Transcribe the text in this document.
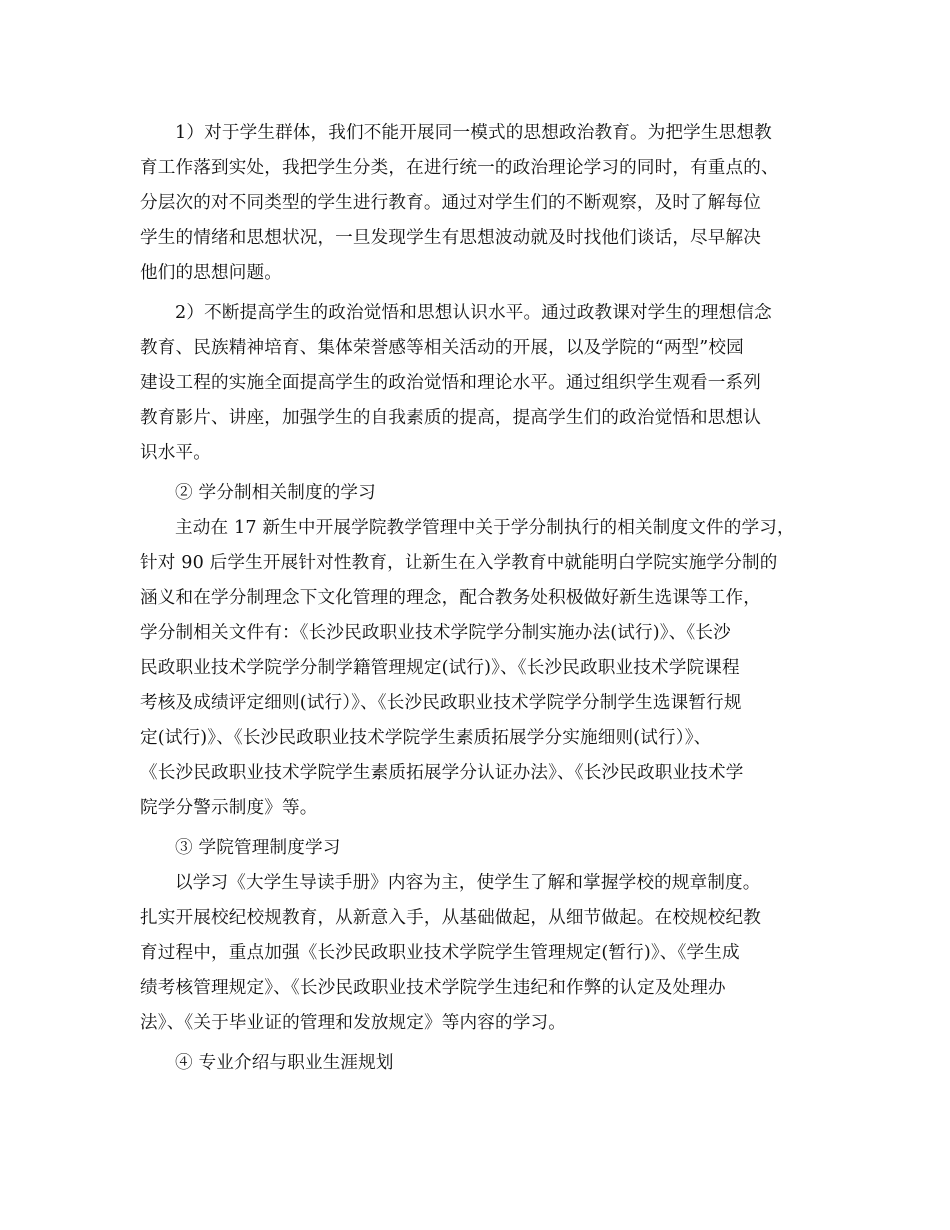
1）对于学生群体，我们不能开展同一模式的思想政治教育。为把学生思想教

育工作落到实处，我把学生分类，在进行统一的政治理论学习的同时，有重点的、

分层次的对不同类型的学生进行教育。通过对学生们的不断观察，及时了解每位

学生的情绪和思想状况，一旦发现学生有思想波动就及时找他们谈话，尽早解决

他们的思想问题。

2）不断提高学生的政治觉悟和思想认识水平。通过政教课对学生的理想信念

教育、民族精神培育、集体荣誉感等相关活动的开展，以及学院的“两型”校园

建设工程的实施全面提高学生的政治觉悟和理论水平。通过组织学生观看一系列

教育影片、讲座，加强学生的自我素质的提高，提高学生们的政治觉悟和思想认

识水平。

② 学分制相关制度的学习

主动在 17 新生中开展学院教学管理中关于学分制执行的相关制度文件的学习，

针对 90 后学生开展针对性教育，让新生在入学教育中就能明白学院实施学分制的

涵义和在学分制理念下文化管理的理念，配合教务处积极做好新生选课等工作，

学分制相关文件有：《长沙民政职业技术学院学分制实施办法(试行)》、《长沙

民政职业技术学院学分制学籍管理规定(试行)》、《长沙民政职业技术学院课程

考核及成绩评定细则(试行）》、《长沙民政职业技术学院学分制学生选课暂行规

定(试行)》、《长沙民政职业技术学院学生素质拓展学分实施细则(试行）》、

《长沙民政职业技术学院学生素质拓展学分认证办法》、《长沙民政职业技术学

院学分警示制度》等。

③ 学院管理制度学习

以学习《大学生导读手册》内容为主，使学生了解和掌握学校的规章制度。

扎实开展校纪校规教育，从新意入手，从基础做起，从细节做起。在校规校纪教

育过程中，重点加强《长沙民政职业技术学院学生管理规定(暂行)》、《学生成

绩考核管理规定》、《长沙民政职业技术学院学生违纪和作弊的认定及处理办

法》、《关于毕业证的管理和发放规定》等内容的学习。

④ 专业介绍与职业生涯规划
